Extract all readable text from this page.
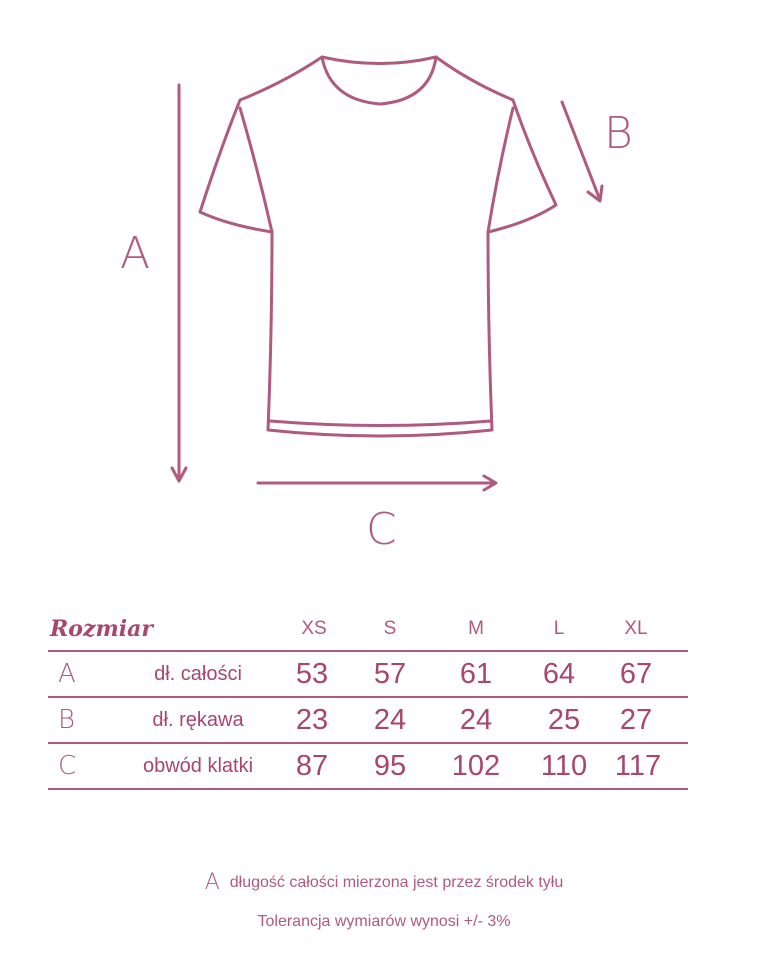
A
B
C
Rozmiar	XS	S	M	L	XL
A	dł. całości	53	57	61	64	67
B	dł. rękawa	23	24	24	25	27
C	obwód klatki	87	95	102	110 117
A długość całości mierzona jest przez środek tyłu
Tolerancja wymiarów wynosi +/- 3%
